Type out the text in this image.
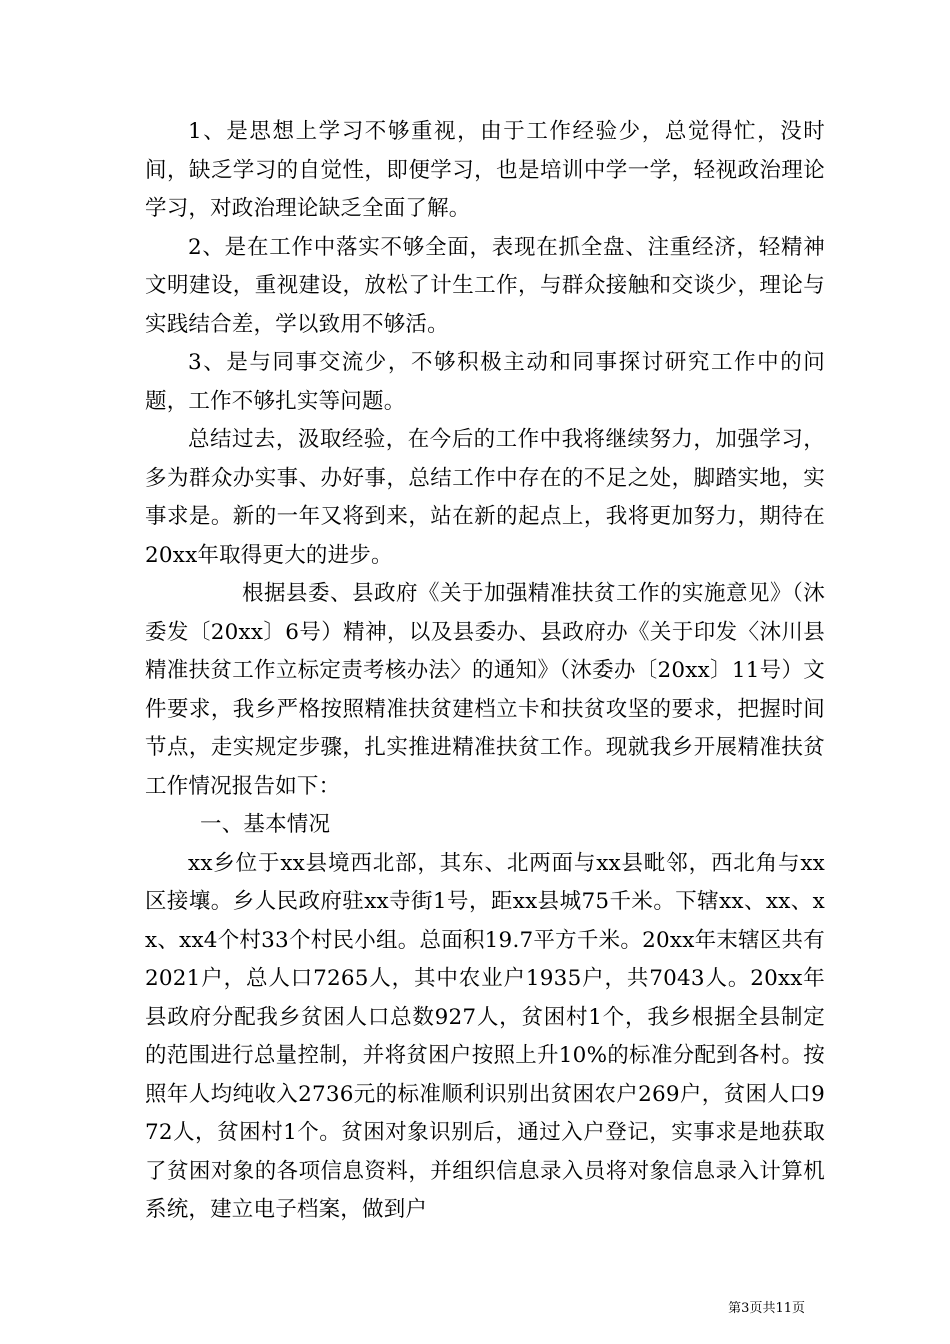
1、是思想上学习不够重视，由于工作经验少，总觉得忙，没时间，缺乏学习的自觉性，即便学习，也是培训中学一学，轻视政治理论学习，对政治理论缺乏全面了解。

2、是在工作中落实不够全面，表现在抓全盘、注重经济，轻精神文明建设，重视建设，放松了计生工作，与群众接触和交谈少，理论与实践结合差，学以致用不够活。

3、是与同事交流少，不够积极主动和同事探讨研究工作中的问题，工作不够扎实等问题。

总结过去，汲取经验，在今后的工作中我将继续努力，加强学习，多为群众办实事、办好事，总结工作中存在的不足之处，脚踏实地，实事求是。新的一年又将到来，站在新的起点上，我将更加努力，期待在20xx年取得更大的进步。

根据县委、县政府《关于加强精准扶贫工作的实施意见》（沐委发〔20xx〕6号）精神，以及县委办、县政府办《关于印发〈沐川县精准扶贫工作立标定责考核办法〉的通知》（沐委办〔20xx〕11号）文件要求，我乡严格按照精准扶贫建档立卡和扶贫攻坚的要求，把握时间节点，走实规定步骤，扎实推进精准扶贫工作。现就我乡开展精准扶贫工作情况报告如下：

一、基本情况

xx乡位于xx县境西北部，其东、北两面与xx县毗邻，西北角与xx区接壤。乡人民政府驻xx寺街1号，距xx县城75千米。下辖xx、xx、xx、xx4个村33个村民小组。总面积19.7平方千米。20xx年末辖区共有2021户，总人口7265人，其中农业户1935户，共7043人。20xx年县政府分配我乡贫困人口总数927人，贫困村1个，我乡根据全县制定的范围进行总量控制，并将贫困户按照上升10%的标准分配到各村。按照年人均纯收入2736元的标准顺利识别出贫困农户269户，贫困人口972人，贫困村1个。贫困对象识别后，通过入户登记，实事求是地获取了贫困对象的各项信息资料，并组织信息录入员将对象信息录入计算机系统，建立电子档案，做到户

第3页共11页
